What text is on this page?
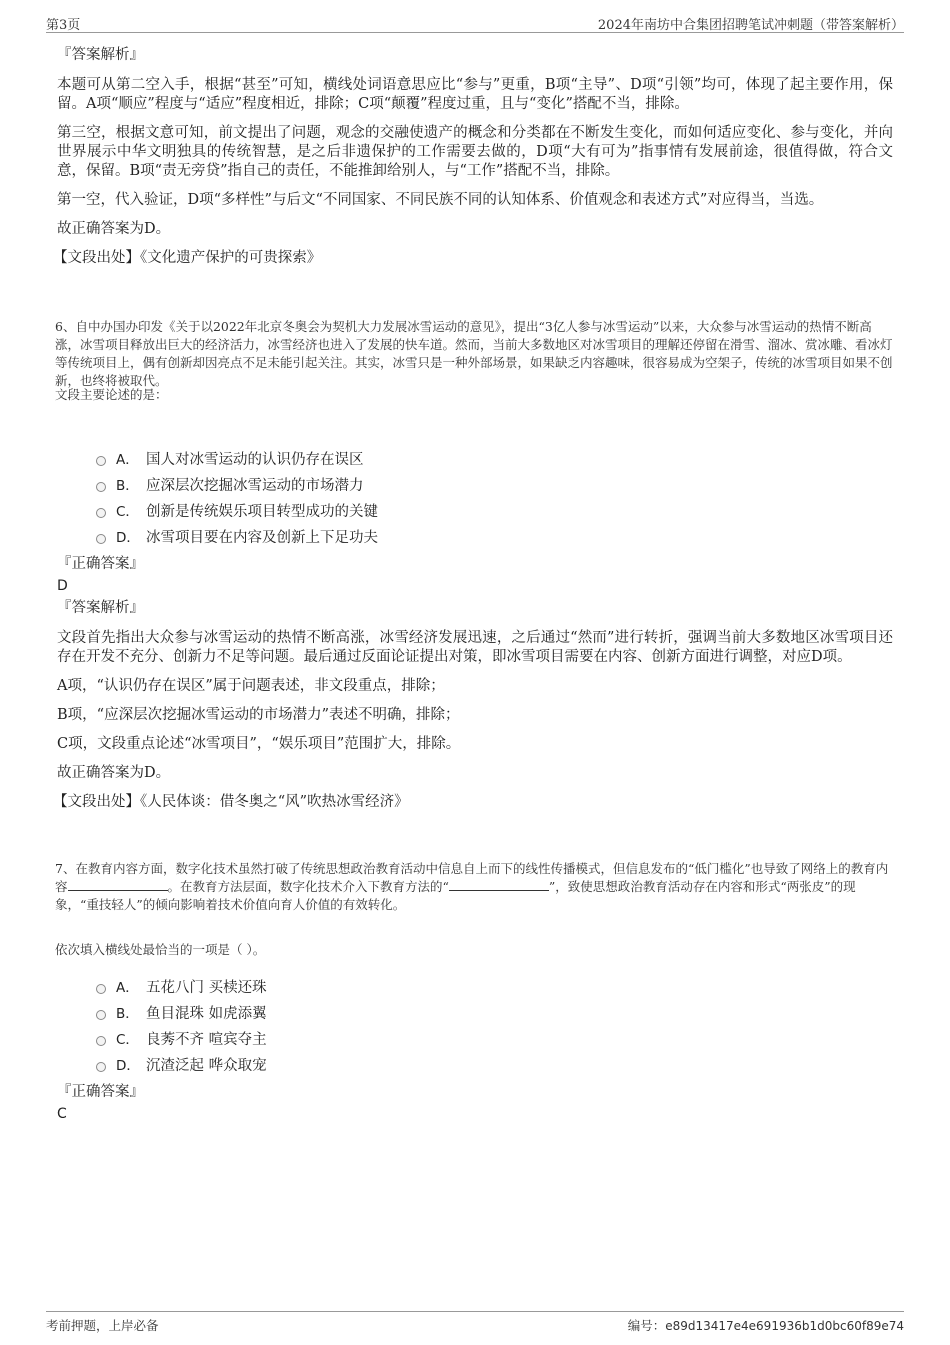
第3页	2024年南坊中合集团招聘笔试冲刺题（带答案解析）

『答案解析』

本题可从第二空入手，根据“甚至”可知，横线处词语意思应比“参与”更重，B项“主导”、D项“引领”均可，体现了起主要作用，保留。A项“顺应”程度与“适应”程度相近，排除；C项“颠覆”程度过重，且与“变化”搭配不当，排除。

第三空，根据文意可知，前文提出了问题，观念的交融使遗产的概念和分类都在不断发生变化，而如何适应变化、参与变化，并向世界展示中华文明独具的传统智慧，是之后非遗保护的工作需要去做的，D项“大有可为”指事情有发展前途，很值得做，符合文意，保留。B项“责无旁贷”指自己的责任，不能推卸给别人，与“工作”搭配不当，排除。

第一空，代入验证，D项“多样性”与后文“不同国家、不同民族不同的认知体系、价值观念和表述方式”对应得当，当选。

故正确答案为D。

【文段出处】《文化遗产保护的可贵探索》

6、自中办国办印发《关于以2022年北京冬奥会为契机大力发展冰雪运动的意见》，提出“3亿人参与冰雪运动”以来，大众参与冰雪运动的热情不断高涨，冰雪项目释放出巨大的经济活力，冰雪经济也进入了发展的快车道。然而，当前大多数地区对冰雪项目的理解还停留在滑雪、溜冰、赏冰雕、看冰灯等传统项目上，偶有创新却因亮点不足未能引起关注。其实，冰雪只是一种外部场景，如果缺乏内容趣味，很容易成为空架子，传统的冰雪项目如果不创新，也终将被取代。

文段主要论述的是：

A． 国人对冰雪运动的认识仍存在误区
B． 应深层次挖掘冰雪运动的市场潜力
C． 创新是传统娱乐项目转型成功的关键
D． 冰雪项目要在内容及创新上下足功夫

『正确答案』

D

『答案解析』

文段首先指出大众参与冰雪运动的热情不断高涨，冰雪经济发展迅速，之后通过“然而”进行转折，强调当前大多数地区冰雪项目还存在开发不充分、创新力不足等问题。最后通过反面论证提出对策，即冰雪项目需要在内容、创新方面进行调整，对应D项。

A项，“认识仍存在误区”属于问题表述，非文段重点，排除；

B项，“应深层次挖掘冰雪运动的市场潜力”表述不明确，排除；

C项，文段重点论述“冰雪项目”，“娱乐项目”范围扩大，排除。

故正确答案为D。

【文段出处】《人民体谈：借冬奥之“风”吹热冰雪经济》

7、在教育内容方面，数字化技术虽然打破了传统思想政治教育活动中信息自上而下的线性传播模式，但信息发布的“低门槛化”也导致了网络上的教育内容	。在教育方法层面，数字化技术介入下教育方法的“	”，致使思想政治教育活动存在内容和形式“两张皮”的现象，“重技轻人”的倾向影响着技术价值向育人价值的有效转化。

依次填入横线处最恰当的一项是（ ）。

A． 五花八门 买椟还珠
B． 鱼目混珠 如虎添翼
C． 良莠不齐 喧宾夺主
D． 沉渣泛起 哗众取宠

『正确答案』

C

考前押题，上岸必备	编号：e89d13417e4e691936b1d0bc60f89e74
